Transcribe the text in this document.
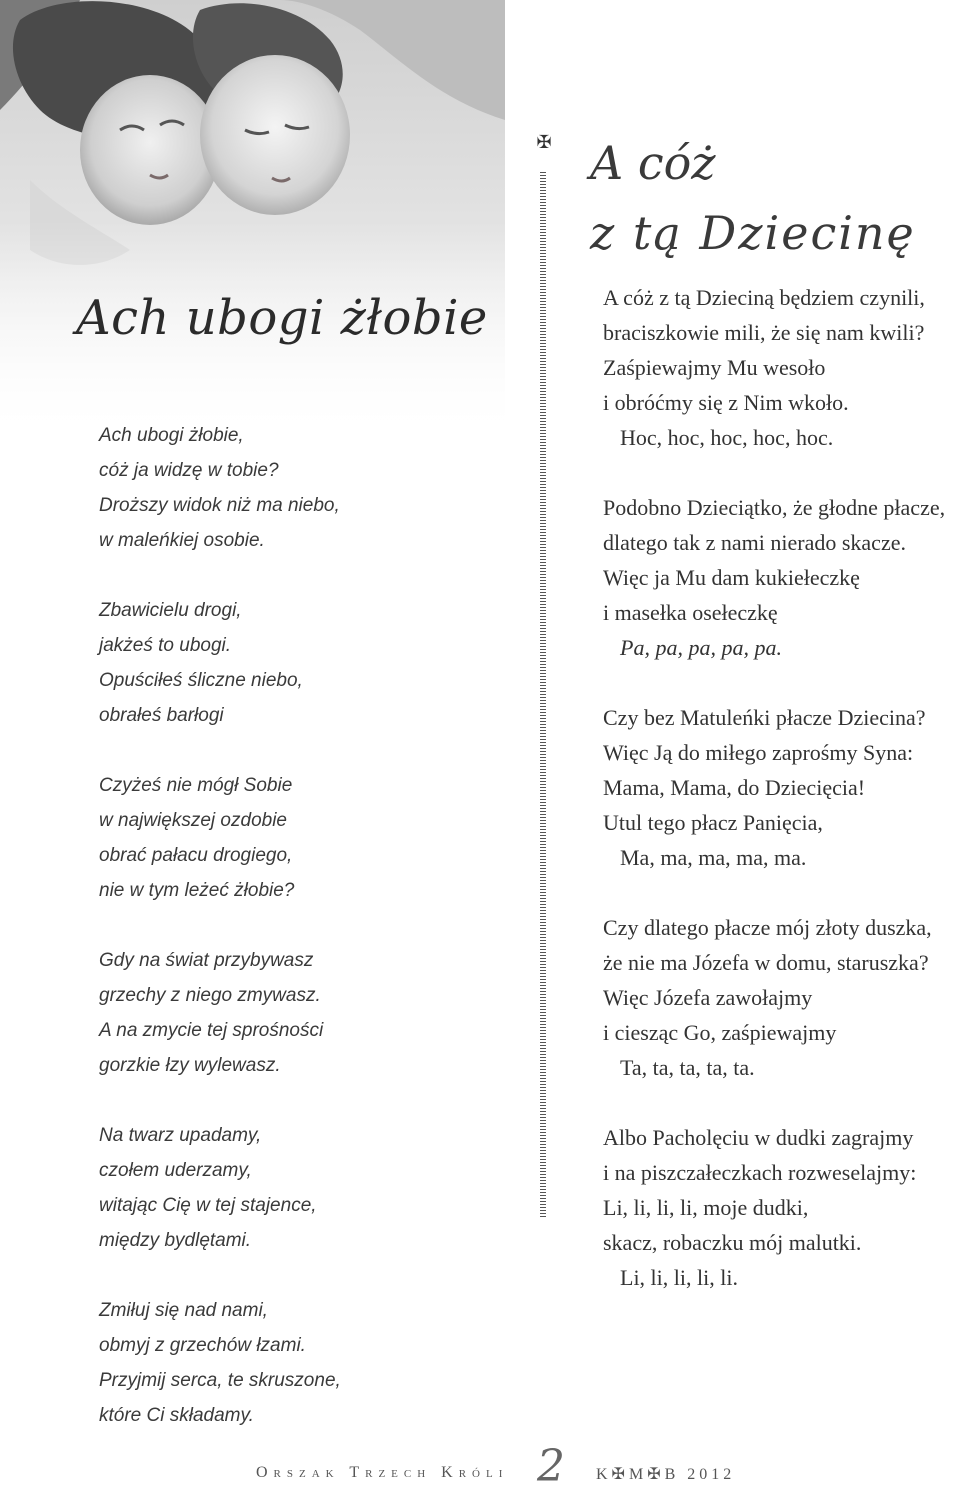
Ach ubogi żłobie
Ach ubogi żłobie,
cóż ja widzę w tobie?
Droższy widok niż ma niebo,
w maleńkiej osobie.
Zbawicielu drogi,
jakżeś to ubogi.
Opuściłeś śliczne niebo,
obrałeś barłogi
Czyżeś nie mógł Sobie
w największej ozdobie
obrać pałacu drogiego,
nie w tym leżeć żłobie?
Gdy na świat przybywasz
grzechy z niego zmywasz.
A na zmycie tej sprośności
gorzkie łzy wylewasz.
Na twarz upadamy,
czołem uderzamy,
witając Cię w tej stajence,
między bydlętami.
Zmiłuj się nad nami,
obmyj z grzechów łzami.
Przyjmij serca, te skruszone,
które Ci składamy.
✠ A cóż
z tą Dziecinę
A cóż z tą Dzieciną będziem czynili,
braciszkowie mili, że się nam kwili?
Zaśpiewajmy Mu wesoło
i obróćmy się z Nim wkoło.
Hoc, hoc, hoc, hoc, hoc.
Podobno Dzieciątko, że głodne płacze,
dlatego tak z nami nierado skacze.
Więc ja Mu dam kukiełeczkę
i masełka osełeczkę
Pa, pa, pa, pa, pa.
Czy bez Matuleńki płacze Dziecina?
Więc Ją do miłego zaprośmy Syna:
Mama, Mama, do Dziecięcia!
Utul tego płacz Panięcia,
Ma, ma, ma, ma, ma.
Czy dlatego płacze mój złoty duszka,
że nie ma Józefa w domu, staruszka?
Więc Józefa zawołajmy
i ciesząc Go, zaśpiewajmy
Ta, ta, ta, ta, ta.
Albo Pacholęciu w dudki zagrajmy
i na piszczałeczkach rozweselajmy:
Li, li, li, li, moje dudki,
skacz, robaczku mój malutki.
Li, li, li, li, li.
Orszak Trzech Króli 2 K✠M✠B 2012
